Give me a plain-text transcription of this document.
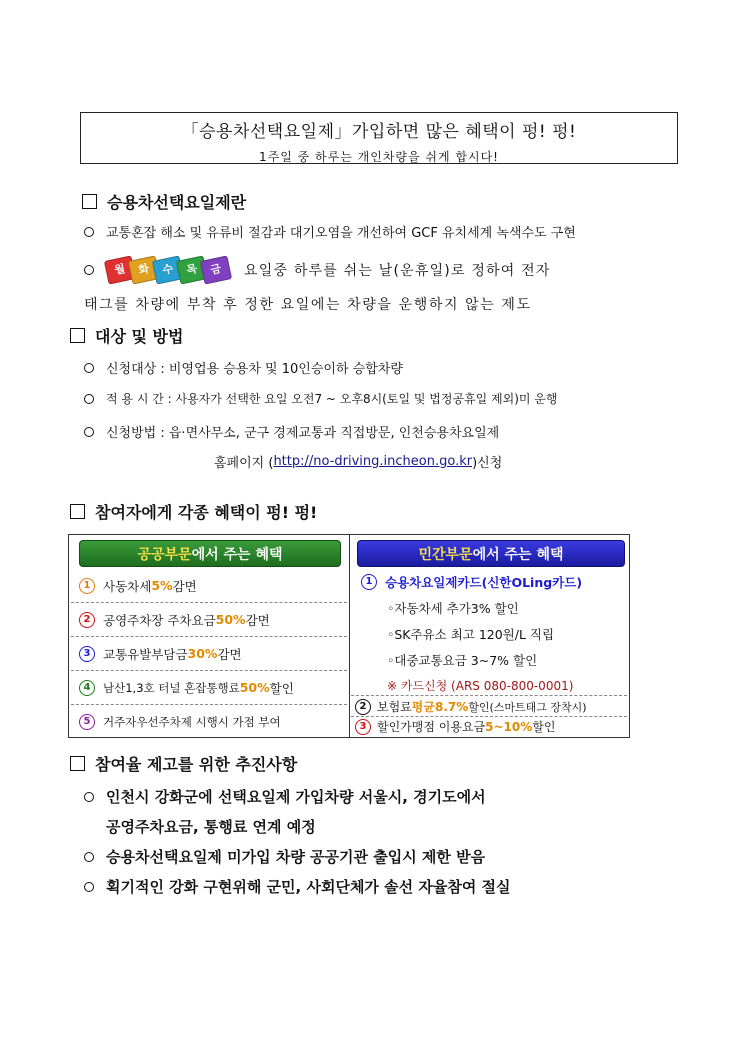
「승용차선택요일제」가입하면 많은 혜택이 펑! 펑!
1주일 중 하루는 개인차량을 쉬게 합시다!
승용차선택요일제란
교통혼잡 해소 및 유류비 절감과 대기오염을 개선하여 GCF 유치세계 녹색수도 구현
월 화 수 목 금	요일중 하루를 쉬는 날(운휴일)로 정하여 전자
태그를 차량에 부착 후 정한 요일에는 차량을 운행하지 않는 제도
대상 및 방법
신청대상 : 비영업용 승용차 및 10인승이하 승합차량
적 용 시 간 : 사용자가 선택한 요일 오전7 ~ 오후8시(토일 및 법정공휴일 제외)미 운행
신청방법 : 읍·면사무소, 군구 경제교통과 직접방문, 인천승용차요일제
홈페이지 ( http://no-driving.incheon.go.kr )신청
참여자에게 각종 혜택이 펑! 펑!
공공부문 에서 주는 혜택	민간부문 에서 주는 혜택
1	사동차세 5% 감면
2	공영주차장 주차요금 50% 감면
3	교통유발부담금 30% 감면
4	남산1,3호 터널 혼잡통행료 50% 할인
5	거주자우선주차제 시행시 가점 부여
1	승용차요일제카드(신한OLing카드)
◦자동차세 추가3% 할인
◦SK주유소 최고 120원/L 직립
◦대중교통요금 3~7% 할인
※ 카드신청 (ARS 080-800-0001)
2 보험료 평균8.7% 할인(스마트태그 장착시)
3 할인가맹점 이용요금 5~10% 할인
참여율 제고를 위한 추진사항
인천시 강화군에 선택요일제 가입차량 서울시, 경기도에서
공영주차요금, 통행료 연계 예정
승용차선택요일제 미가입 차량 공공기관 출입시 제한 받음
획기적인 강화 구현위해 군민, 사회단체가 솔선 자율참여 절실
